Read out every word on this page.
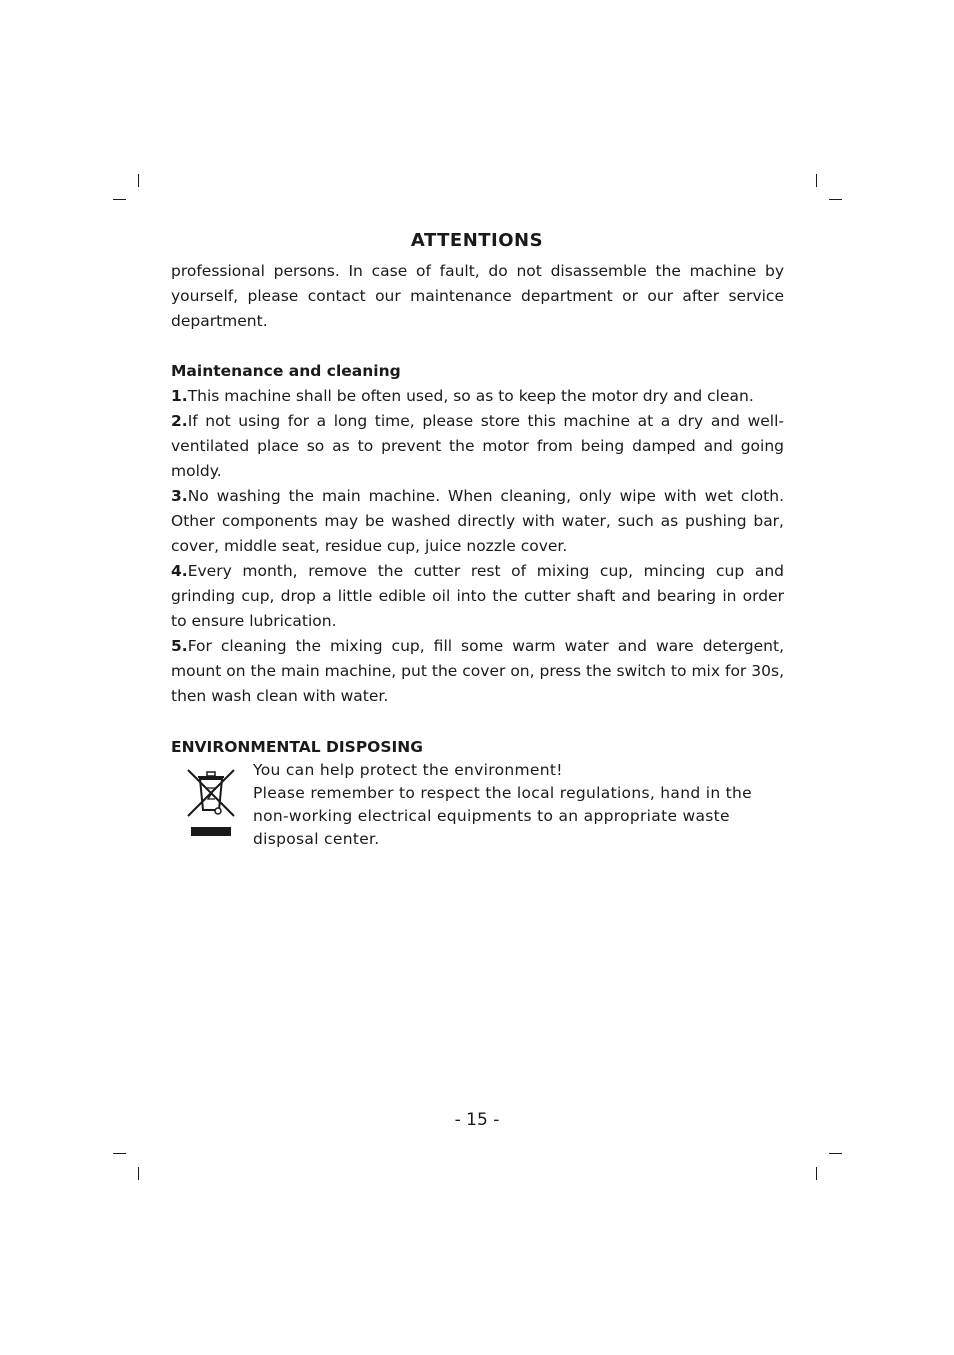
ATTENTIONS

professional persons. In case of fault, do not disassemble the machine by yourself, please contact our maintenance department or our after service department.

Maintenance and cleaning

1.This machine shall be often used, so as to keep the motor dry and clean.

2.If not using for a long time, please store this machine at a dry and well-ventilated place so as to prevent the motor from being damped and going moldy.

3.No washing the main machine. When cleaning, only wipe with wet cloth. Other components may be washed directly with water, such as pushing bar, cover, middle seat, residue cup, juice nozzle cover.

4.Every month, remove the cutter rest of mixing cup, mincing cup and grinding cup, drop a little edible oil into the cutter shaft and bearing in order to ensure lubrication.

5.For cleaning the mixing cup, fill some warm water and ware detergent, mount on the main machine, put the cover on, press the switch to mix for 30s, then wash clean with water.

ENVIRONMENTAL DISPOSING

You can help protect the environment!

Please remember to respect the local regulations, hand in the non-working electrical equipments to an appropriate waste disposal center.

- 15 -
